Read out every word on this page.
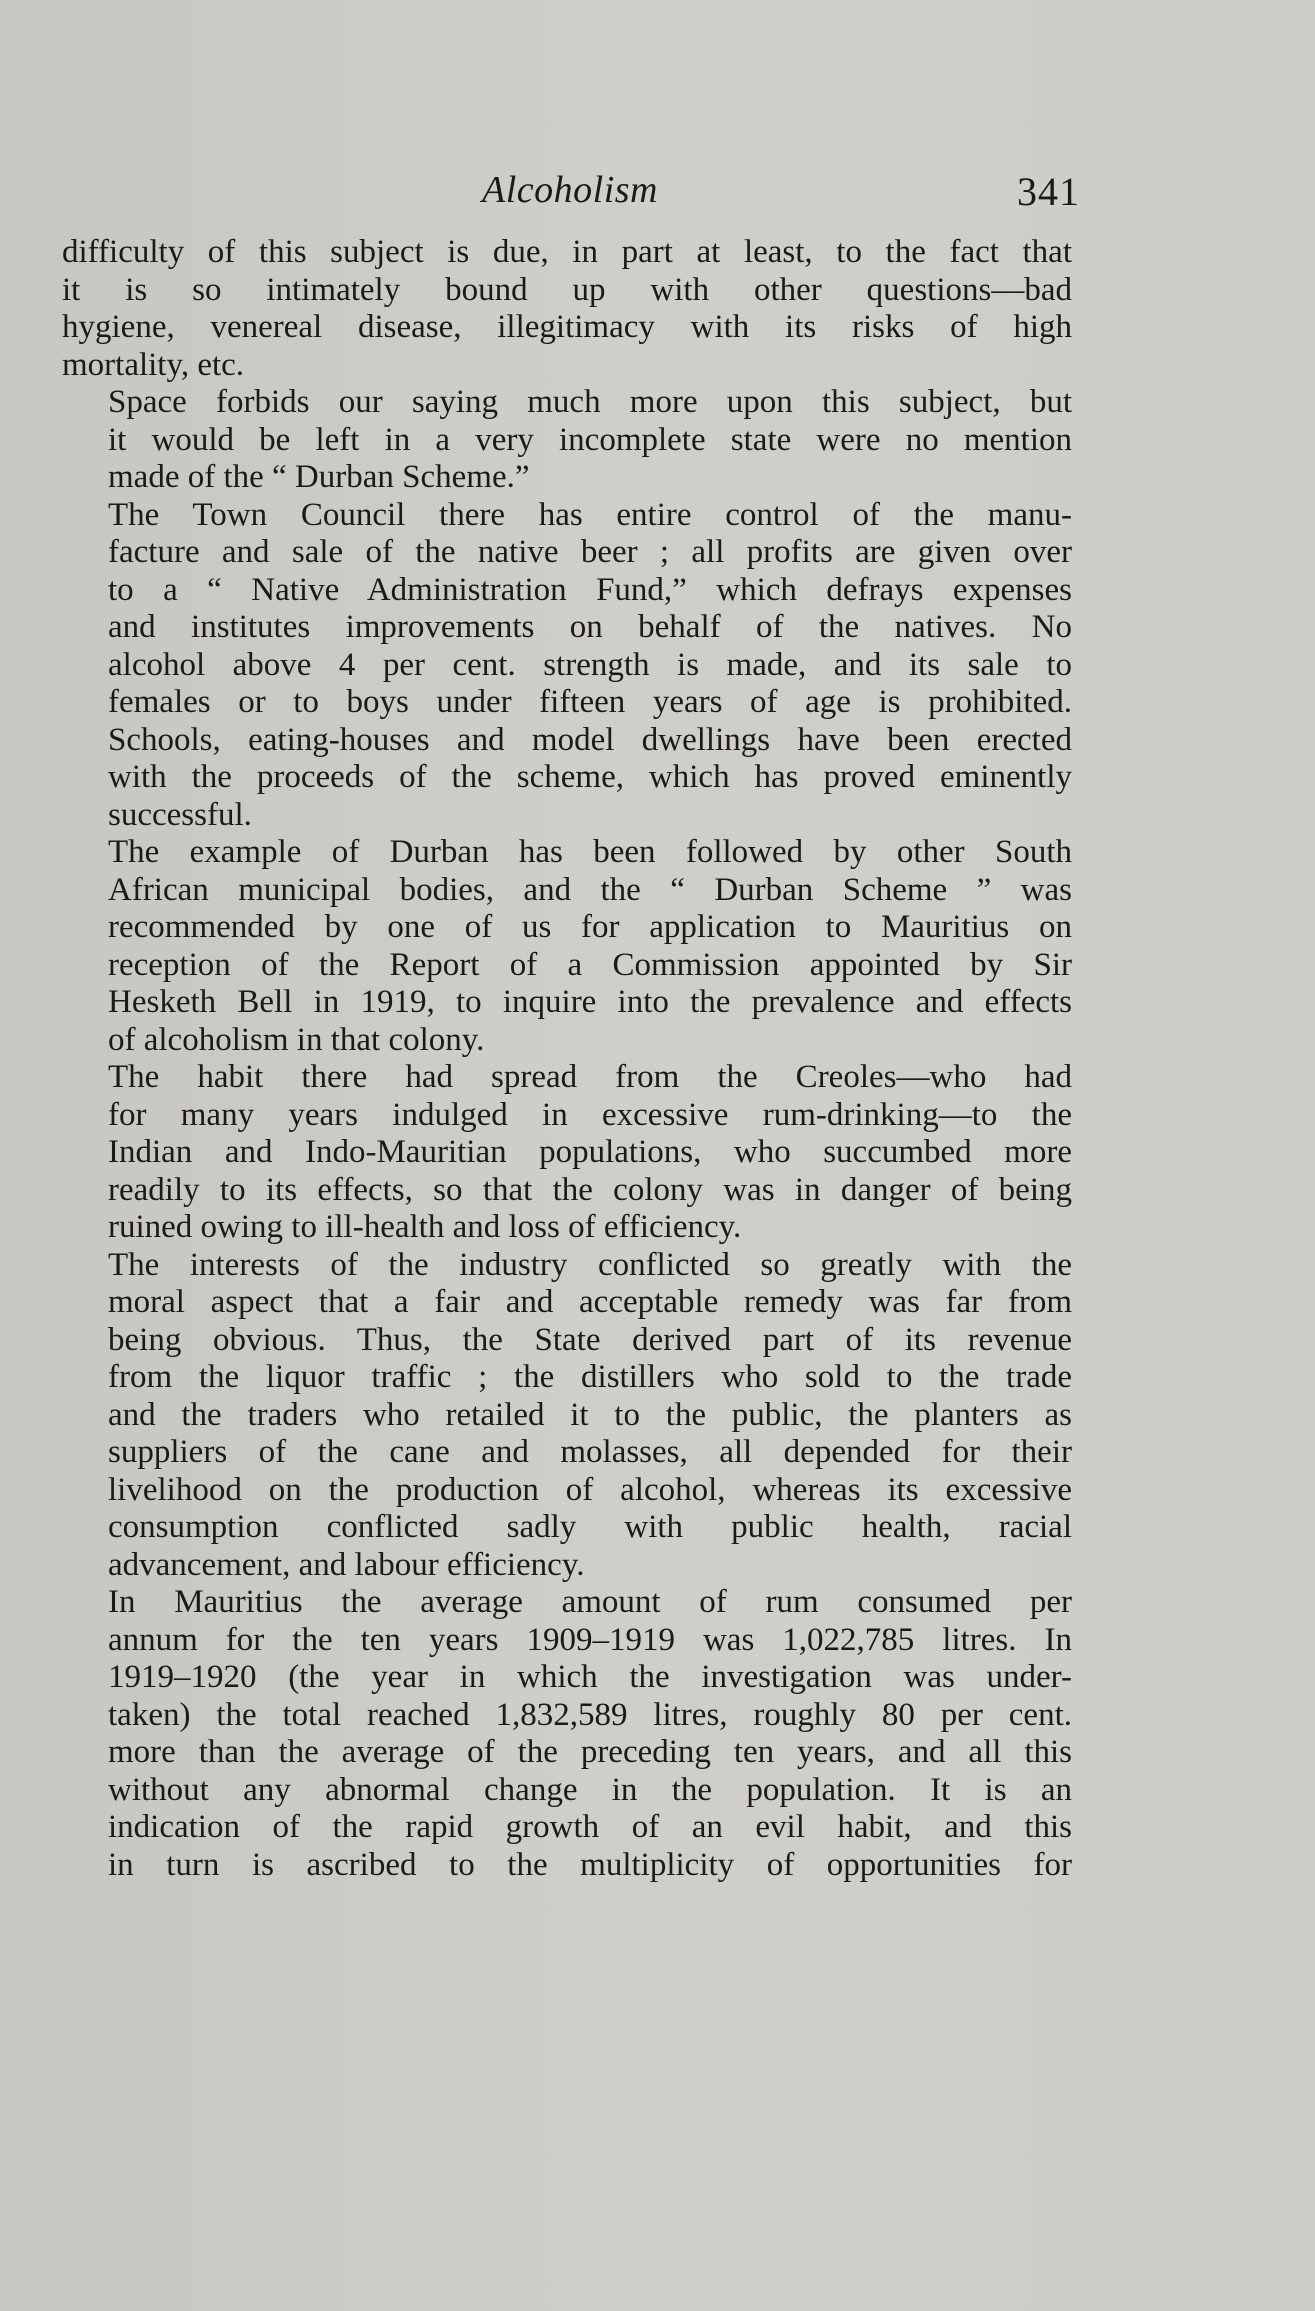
Alcoholism	341

difficulty of this subject is due, in part at least, to the fact that
it is so intimately bound up with other questions—bad
hygiene, venereal disease, illegitimacy with its risks of high
mortality, etc.

Space forbids our saying much more upon this subject, but
it would be left in a very incomplete state were no mention
made of the “ Durban Scheme.”

The Town Council there has entire control of the manu-
facture and sale of the native beer ; all profits are given over
to a “ Native Administration Fund,” which defrays expenses
and institutes improvements on behalf of the natives. No
alcohol above 4 per cent. strength is made, and its sale to
females or to boys under fifteen years of age is prohibited.
Schools, eating-houses and model dwellings have been erected
with the proceeds of the scheme, which has proved eminently
successful.

The example of Durban has been followed by other South
African municipal bodies, and the “ Durban Scheme ” was
recommended by one of us for application to Mauritius on
reception of the Report of a Commission appointed by Sir
Hesketh Bell in 1919, to inquire into the prevalence and effects
of alcoholism in that colony.

The habit there had spread from the Creoles—who had
for many years indulged in excessive rum-drinking—to the
Indian and Indo-Mauritian populations, who succumbed more
readily to its effects, so that the colony was in danger of being
ruined owing to ill-health and loss of efficiency.

The interests of the industry conflicted so greatly with the
moral aspect that a fair and acceptable remedy was far from
being obvious. Thus, the State derived part of its revenue
from the liquor traffic ; the distillers who sold to the trade
and the traders who retailed it to the public, the planters as
suppliers of the cane and molasses, all depended for their
livelihood on the production of alcohol, whereas its excessive
consumption conflicted sadly with public health, racial
advancement, and labour efficiency.

In Mauritius the average amount of rum consumed per
annum for the ten years 1909–1919 was 1,022,785 litres. In
1919–1920 (the year in which the investigation was under-
taken) the total reached 1,832,589 litres, roughly 80 per cent.
more than the average of the preceding ten years, and all this
without any abnormal change in the population. It is an
indication of the rapid growth of an evil habit, and this
in turn is ascribed to the multiplicity of opportunities for
